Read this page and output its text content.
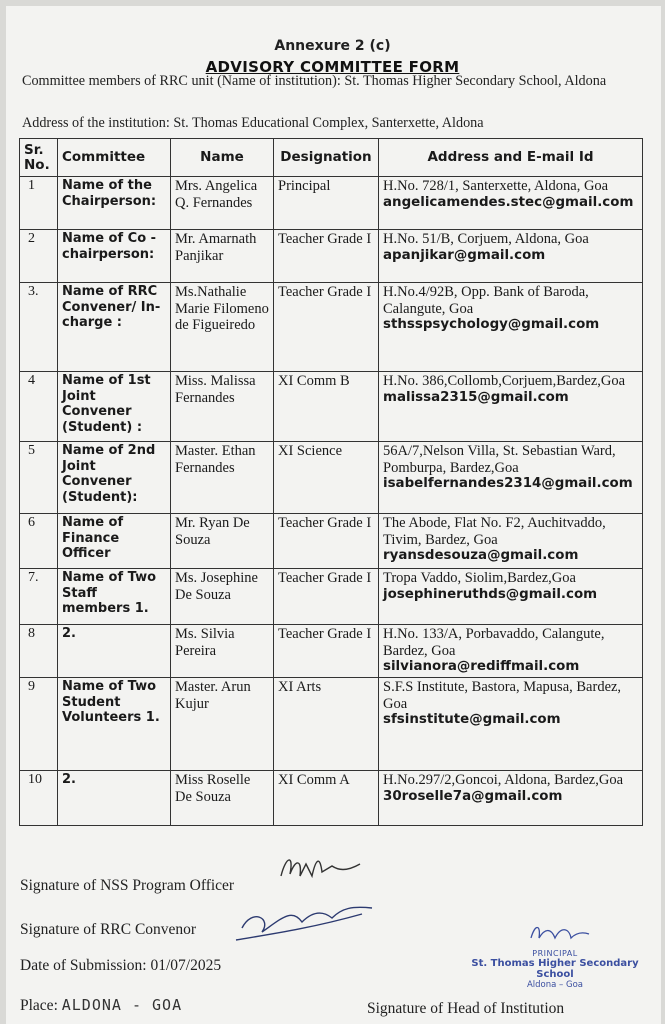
Annexure 2 (c)
ADVISORY COMMITTEE FORM
Committee members of RRC unit (Name of institution): St. Thomas Higher Secondary School, Aldona
Address of the institution: St. Thomas Educational Complex, Santerxette, Aldona
Sr. No.	Committee	Name	Designation	Address and E-mail Id
1	Name of the Chairperson:	Mrs. Angelica Q. Fernandes	Principal	H.No. 728/1, Santerxette, Aldona, Goa
angelicamendes.stec@gmail.com

2	Name of Co - chairperson:	Mr. Amarnath Panjikar	Teacher Grade I	H.No. 51/B, Corjuem, Aldona, Goa
apanjikar@gmail.com

3.	Name of RRC Convener/ In-charge :	Ms.Nathalie Marie Filomeno de Figueiredo	Teacher Grade I	H.No.4/92B, Opp. Bank of Baroda, Calangute, Goa
sthsspsychology@gmail.com

4	Name of 1st Joint Convener (Student) :	Miss. Malissa Fernandes	XI Comm B	H.No. 386,Collomb,Corjuem,Bardez,Goa
malissa2315@gmail.com

5	Name of 2nd Joint Convener (Student):	Master. Ethan Fernandes	XI Science	56A/7,Nelson Villa, St. Sebastian Ward, Pomburpa, Bardez,Goa
isabelfernandes2314@gmail.com

6	Name of Finance Officer	Mr. Ryan De Souza	Teacher Grade I	The Abode, Flat No. F2, Auchitvaddo, Tivim, Bardez, Goa
ryansdesouza@gmail.com

7.	Name of Two Staff members 1.	Ms. Josephine De Souza	Teacher Grade I	Tropa Vaddo, Siolim,Bardez,Goa
josephineruthds@gmail.com

8	2.	Ms. Silvia Pereira	Teacher Grade I	H.No. 133/A, Porbavaddo, Calangute, Bardez, Goa
silvianora@rediffmail.com

9	Name of Two Student Volunteers 1.	Master. Arun Kujur	XI Arts	S.F.S Institute, Bastora, Mapusa, Bardez, Goa
sfsinstitute@gmail.com

10	2.	Miss Roselle De Souza	XI Comm A	H.No.297/2,Goncoi, Aldona, Bardez,Goa
30roselle7a@gmail.com
Signature of NSS Program Officer
Signature of RRC Convenor
Date of Submission: 01/07/2025
Place: ALDONA - GOA
PRINCIPAL
St. Thomas Higher Secondary School
Aldona – Goa
Signature of Head of Institution
